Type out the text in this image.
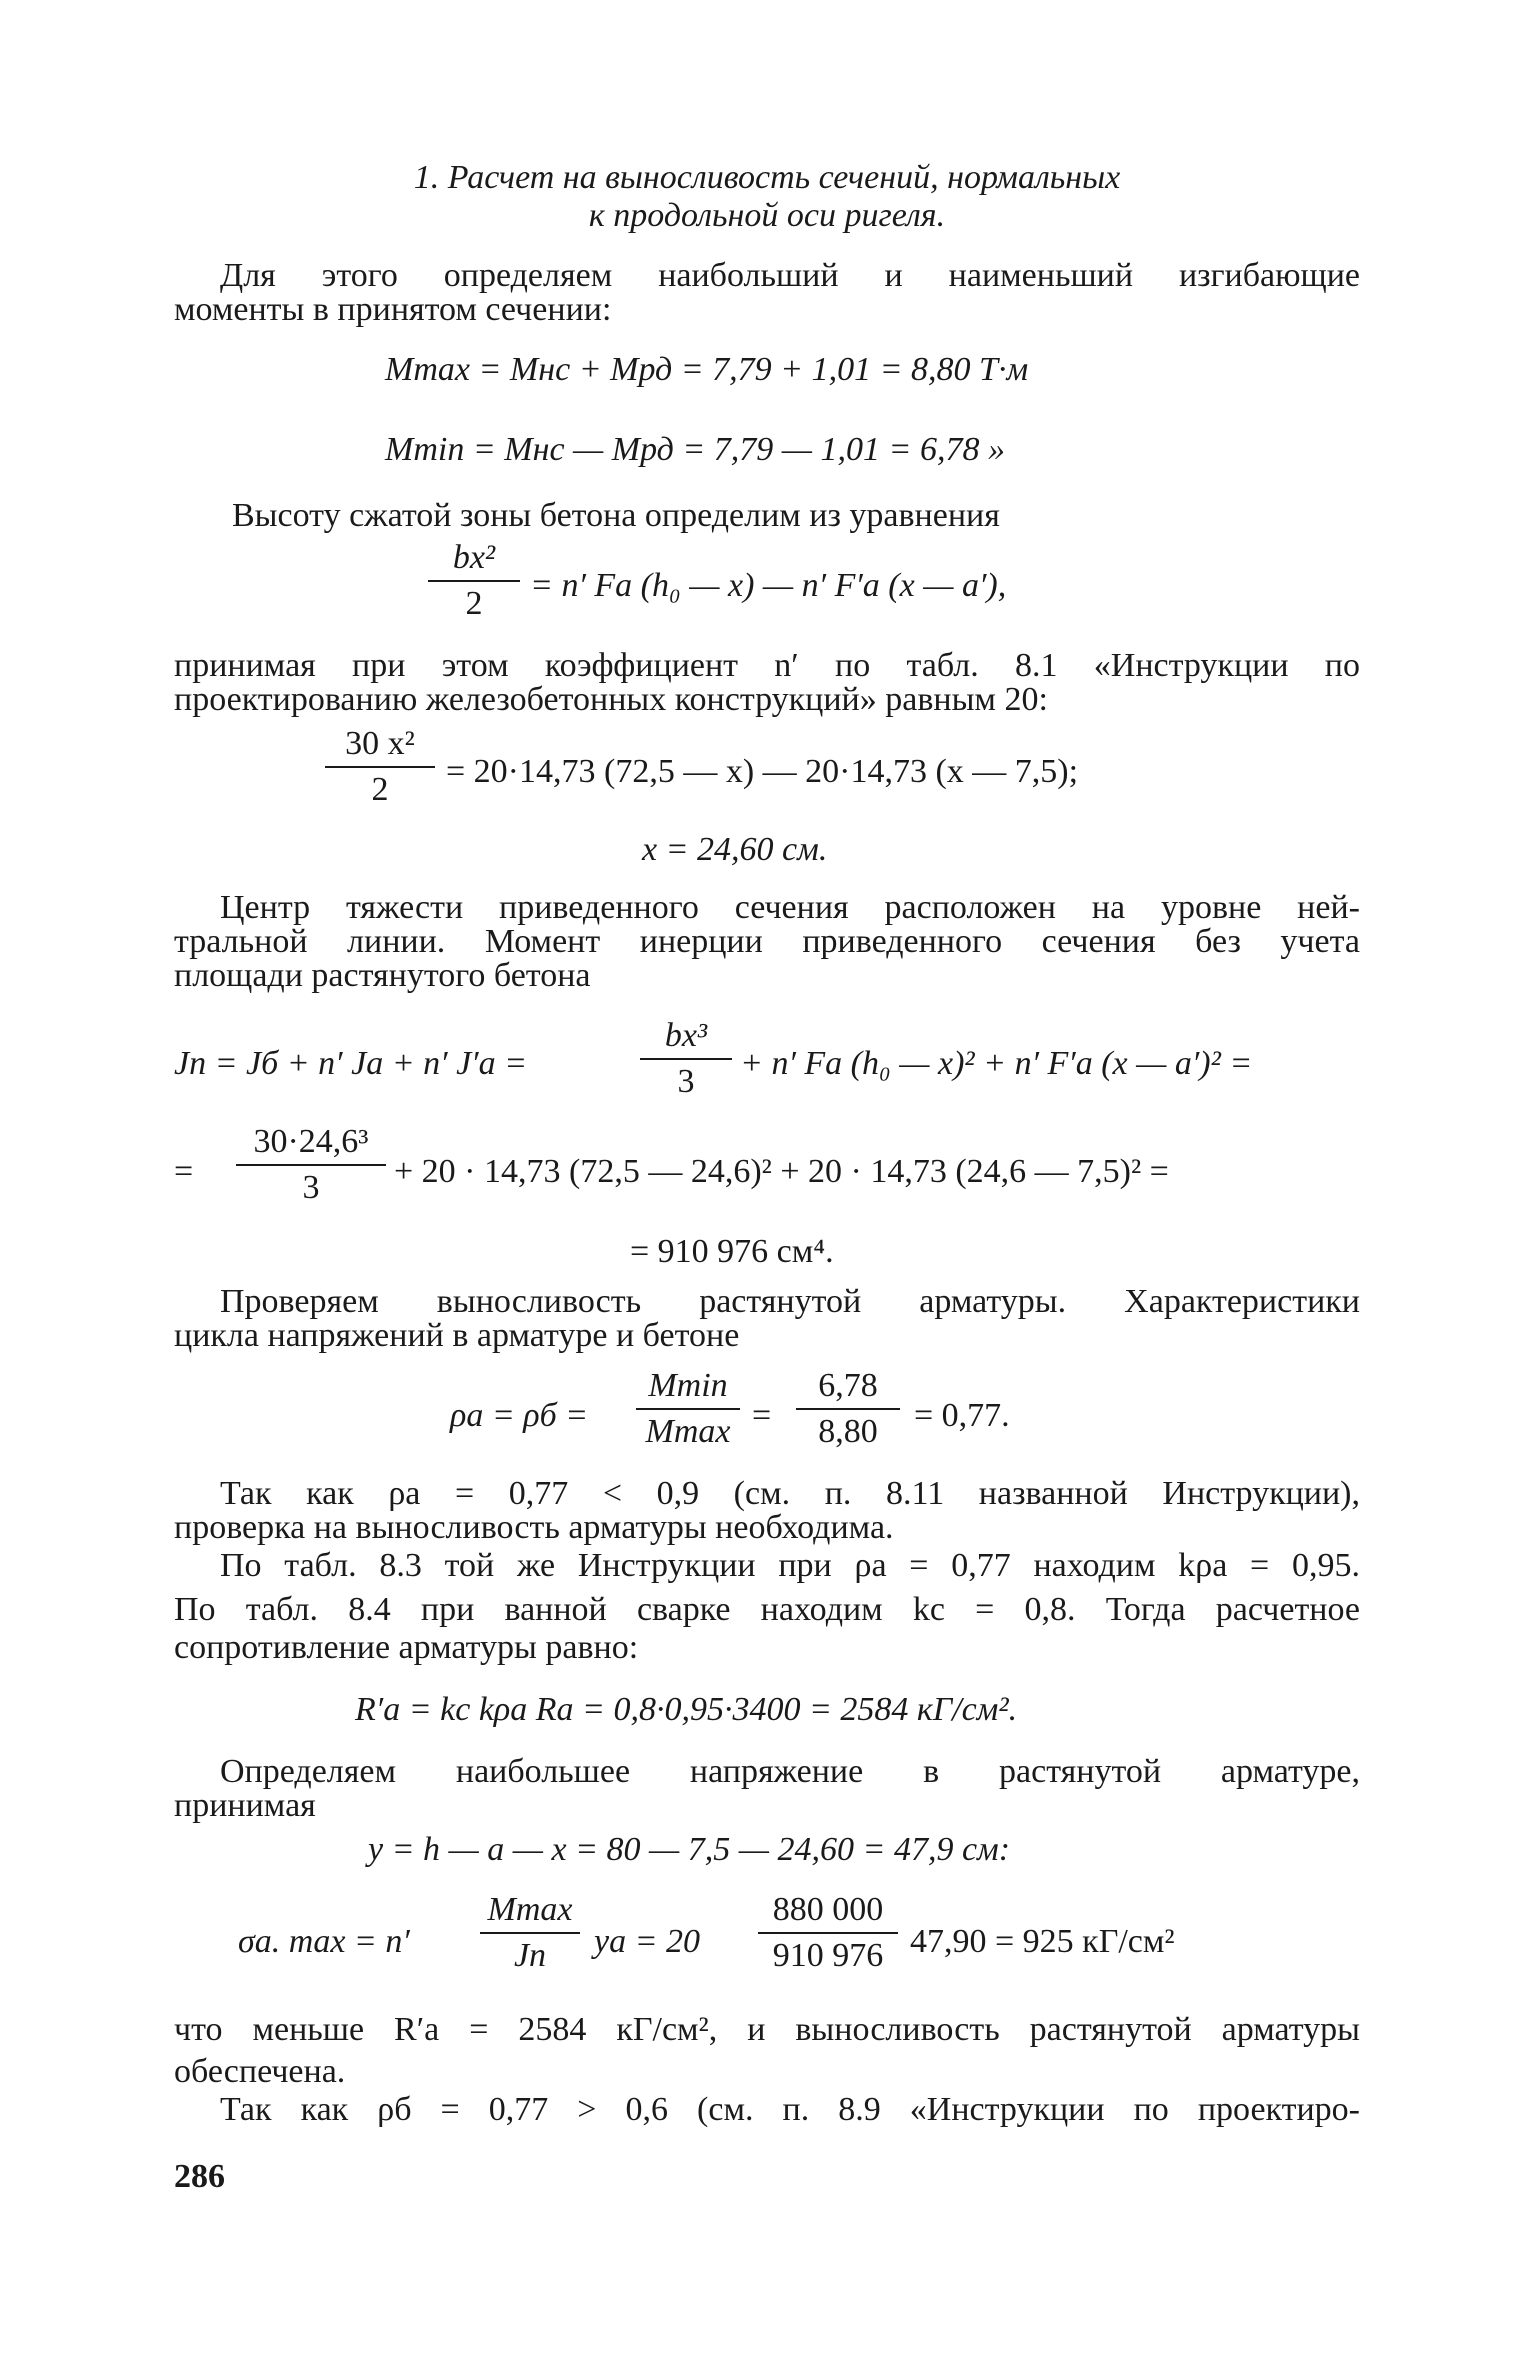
1. Расчет на выносливость сечений, нормальных
к продольной оси ригеля.
Для этого определяем наибольший и наименьший изгибающие
моменты в принятом сечении:
Mmax = Mнс + Mрд = 7,79 + 1,01 = 8,80 Т·м
Mmin = Mнс — Mрд = 7,79 — 1,01 = 6,78 »
Высоту сжатой зоны бетона определим из уравнения
bx²
2	= n′ Fа (h₀ — x) — n′ F′а (x — a′),
принимая при этом коэффициент n′ по табл. 8.1 «Инструкции по
проектированию железобетонных конструкций» равным 20:
30 x²
2	= 20·14,73 (72,5 — x) — 20·14,73 (x — 7,5);
x = 24,60 см.
Центр тяжести приведенного сечения расположен на уровне ней-
тральной линии. Момент инерции приведенного сечения без учета
площади растянутого бетона
Jп = Jб + n′ Jа + n′ J′а =
bx³
3	+ n′ Fа (h₀ — x)² + n′ F′а (x — a′)² =
=
30·24,6³
3	+ 20 · 14,73 (72,5 — 24,6)² + 20 · 14,73 (24,6 — 7,5)² =
= 910 976 см⁴.
Проверяем выносливость растянутой арматуры. Характеристики
цикла напряжений в арматуре и бетоне
ρа = ρб =
Mmin
Mmax =
6,78
8,80	= 0,77.
Так как ρа = 0,77 < 0,9 (см. п. 8.11 названной Инструкции),
проверка на выносливость арматуры необходима.
По табл. 8.3 той же Инструкции при ρа = 0,77 находим kρа = 0,95.
По табл. 8.4 при ванной сварке находим kс = 0,8. Тогда расчетное
сопротивление арматуры равно:
R′а = kс kρа Rа = 0,8·0,95·3400 = 2584 кГ/см².
Определяем наибольшее напряжение в растянутой арматуре,
принимая
y = h — a — x = 80 — 7,5 — 24,60 = 47,9 см:
σа. max = n′
Mmax
Jп	yа = 20
880 000
910 976 47,90 = 925 кГ/см²
что меньше R′а = 2584 кГ/см², и выносливость растянутой арматуры
обеспечена.
Так как ρб = 0,77 > 0,6 (см. п. 8.9 «Инструкции по проектиро-
286
